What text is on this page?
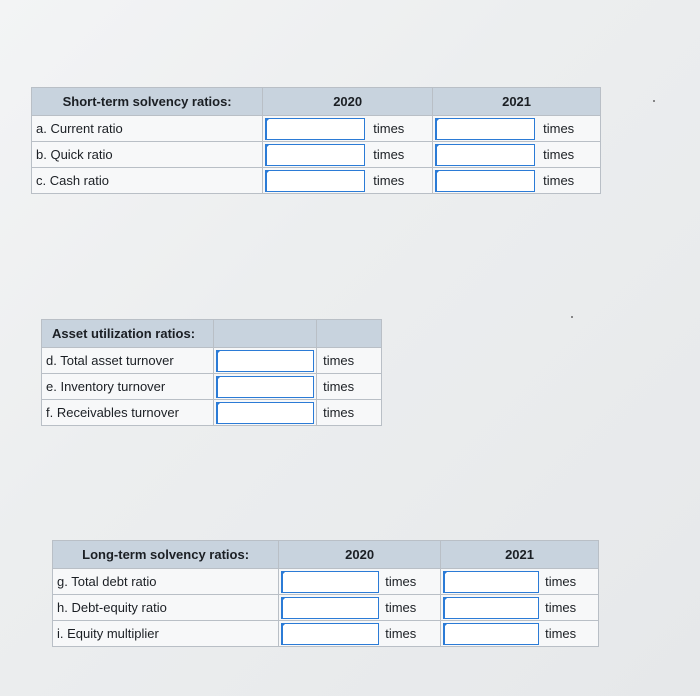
Short-term solvency ratios:	2020	2021
a. Current ratio	times	times

b. Quick ratio	times	times

c. Cash ratio	times	times
Asset utilization ratios:		
d. Total asset turnover		times
e. Inventory turnover		times
f. Receivables turnover		times
Long-term solvency ratios:	2020	2021
g. Total debt ratio	times	times

h. Debt-equity ratio	times	times

i. Equity multiplier	times	times
